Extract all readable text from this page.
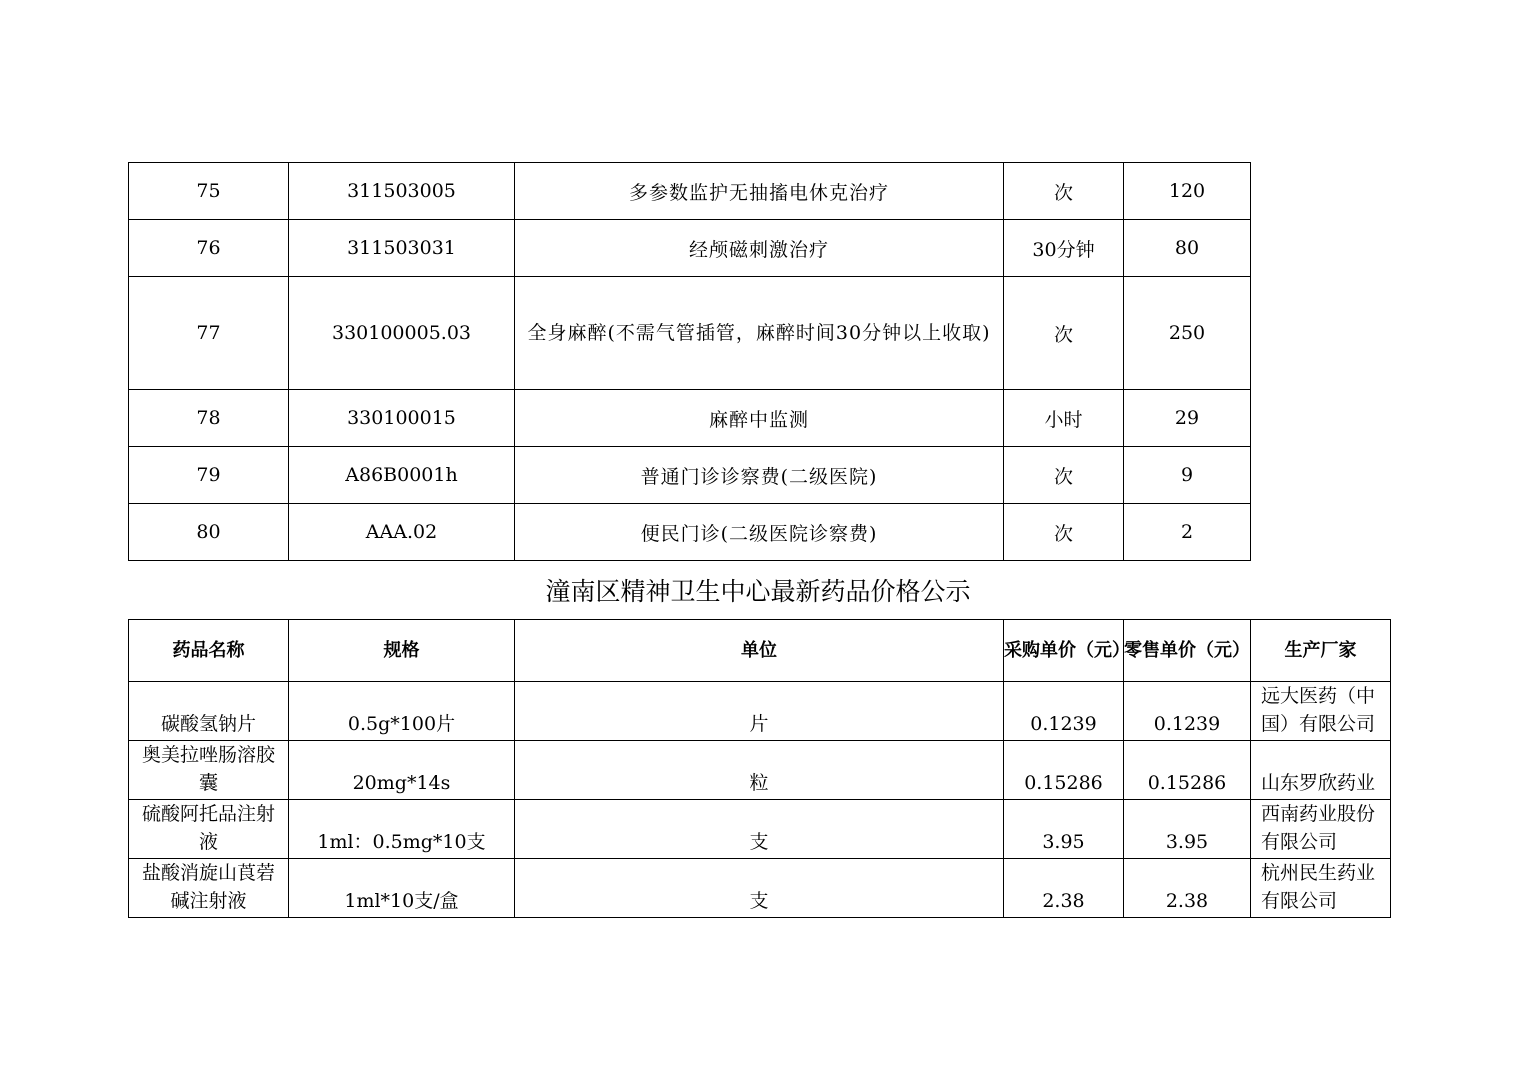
75	311503005	多参数监护无抽搐电休克治疗	次	120
76	311503031	经颅磁刺激治疗	30分钟	80
77	330100005.03	全身麻醉(不需气管插管，麻醉时间30分钟以上收取)	次	250
78	330100015	麻醉中监测	小时	29
79	A86B0001h	普通门诊诊察费(二级医院)	次	9
80	AAA.02	便民门诊(二级医院诊察费)	次	2
潼南区精神卫生中心最新药品价格公示
药品名称	规格	单位	采购单价（元）	零售单价（元）	生产厂家
碳酸氢钠片	0.5g*100片	片	0.1239	0.1239	远大医药（中国）有限公司
奥美拉唑肠溶胶囊	20mg*14s	粒	0.15286	0.15286	山东罗欣药业
硫酸阿托品注射液	1ml：0.5mg*10支	支	3.95	3.95	西南药业股份有限公司
盐酸消旋山莨菪碱注射液	1ml*10支/盒	支	2.38	2.38	杭州民生药业有限公司
